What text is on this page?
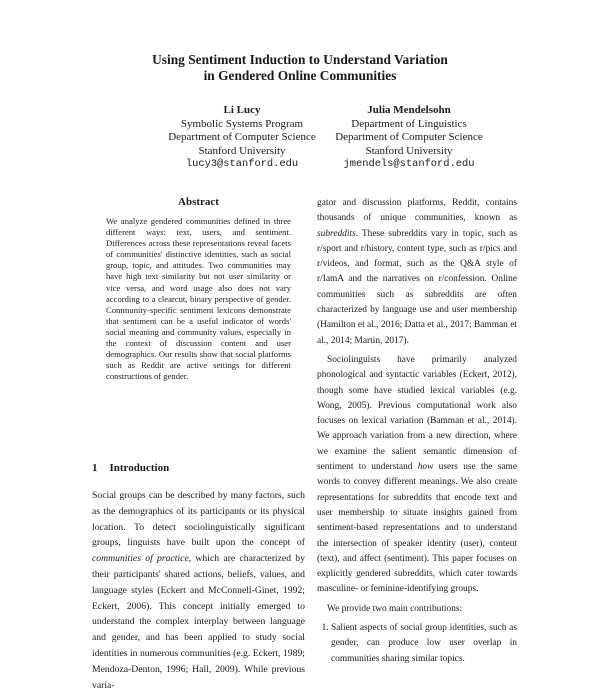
Using Sentiment Induction to Understand Variation
in Gendered Online Communities
Li Lucy
Symbolic Systems Program
Department of Computer Science
Stanford University
lucy3@stanford.edu
Julia Mendelsohn
Department of Linguistics
Department of Computer Science
Stanford University
jmendels@stanford.edu
Abstract
We analyze gendered communities defined in three different ways: text, users, and sentiment. Differences across these representations reveal facets of communities' distinctive identities, such as social group, topic, and attitudes. Two communities may have high text similarity but not user similarity or vice versa, and word usage also does not vary according to a clearcut, binary perspective of gender. Community-specific sentiment lexicons demonstrate that sentiment can be a useful indicator of words' social meaning and community values, especially in the context of discussion content and user demographics. Our results show that social platforms such as Reddit are active settings for different constructions of gender.
1 Introduction

Social groups can be described by many factors, such as the demographics of its participants or its physical location. To detect sociolinguistically significant groups, linguists have built upon the concept of communities of practice, which are characterized by their participants' shared actions, beliefs, values, and language styles (Eckert and McConnell-Ginet, 1992; Eckert, 2006). This concept initially emerged to understand the complex interplay between language and gender, and has been applied to study social identities in numerous communities (e.g. Eckert, 1989; Mendoza-Denton, 1996; Hall, 2009). While previous varia-

gator and discussion platforms, Reddit, contains thousands of unique communities, known as subreddits. These subreddits vary in topic, such as r/sport and r/history, content type, such as r/pics and r/videos, and format, such as the Q&A style of r/IamA and the narratives on r/confession. Online communities such as subreddits are often characterized by language use and user membership (Hamilton et al., 2016; Datta et al., 2017; Bamman et al., 2014; Martin, 2017).

Sociolinguists have primarily analyzed phonological and syntactic variables (Eckert, 2012), though some have studied lexical variables (e.g. Wong, 2005). Previous computational work also focuses on lexical variation (Bamman et al., 2014). We approach variation from a new direction, where we examine the salient semantic dimension of sentiment to understand how users use the same words to convey different meanings. We also create representations for subreddits that encode text and user membership to situate insights gained from sentiment-based representations and to understand the intersection of speaker identity (user), content (text), and affect (sentiment). This paper focuses on explicitly gendered subreddits, which cater towards masculine- or feminine-identifying groups.

We provide two main contributions:

1. Salient aspects of social group identities, such as gender, can produce low user overlap in communities sharing similar topics.
